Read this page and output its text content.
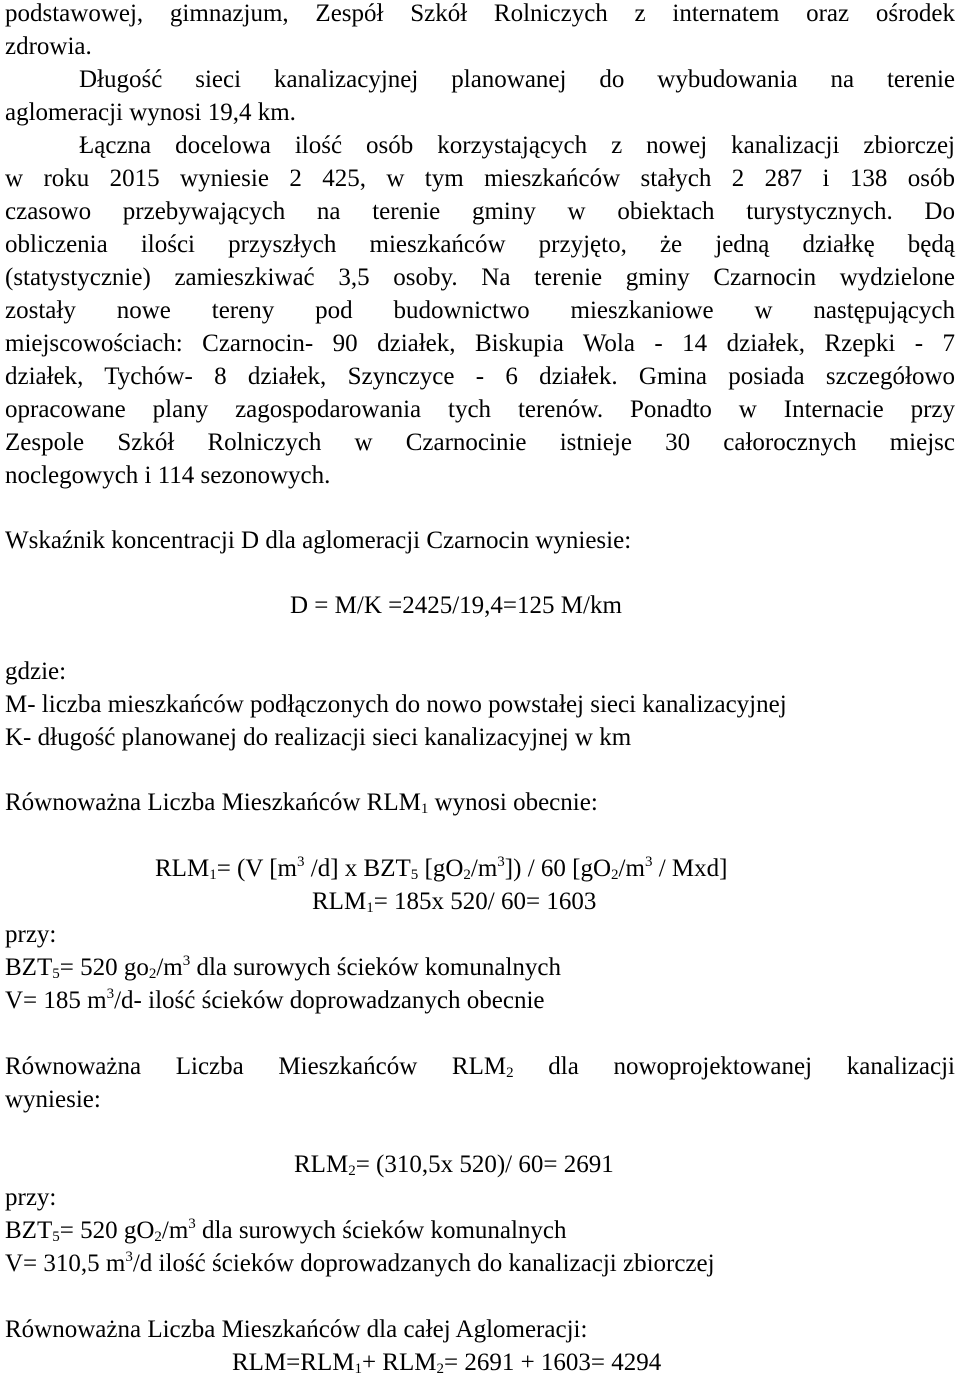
podstawowej, gimnazjum, Zespół Szkół Rolniczych z internatem oraz ośrodek
zdrowia.
Długość sieci kanalizacyjnej planowanej do wybudowania na terenie
aglomeracji wynosi 19,4 km.
Łączna docelowa ilość osób korzystających z nowej kanalizacji zbiorczej
w roku 2015 wyniesie 2 425, w tym mieszkańców stałych 2 287 i 138 osób
czasowo przebywających na terenie gminy w obiektach turystycznych. Do
obliczenia ilości przyszłych mieszkańców przyjęto, że jedną działkę będą
(statystycznie) zamieszkiwać 3,5 osoby. Na terenie gminy Czarnocin wydzielone
zostały nowe tereny pod budownictwo mieszkaniowe w następujących
miejscowościach: Czarnocin- 90 działek, Biskupia Wola - 14 działek, Rzepki - 7
działek, Tychów- 8 działek, Szynczyce - 6 działek. Gmina posiada szczegółowo
opracowane plany zagospodarowania tych terenów. Ponadto w Internacie przy
Zespole Szkół Rolniczych w Czarnocinie istnieje 30 całorocznych miejsc
noclegowych i 114 sezonowych.
Wskaźnik koncentracji D dla aglomeracji Czarnocin wyniesie:
D = M/K =2425/19,4=125 M/km
gdzie:
M- liczba mieszkańców podłączonych do nowo powstałej sieci kanalizacyjnej
K- długość planowanej do realizacji sieci kanalizacyjnej w km
Równoważna Liczba Mieszkańców $RLM_1$ wynosi obecnie:
$RLM_1= (V$ [$m^3$ /d] x $BZT_5$ $[gO_2/m^3]) / 60$ $[gO_2/m^3 / Mxd]$
$RLM_1= 185x$ 520/ 60= 1603
przy:
$BZT_5= 520$ $go_2/m^3$ dla surowych ścieków komunalnych
V= 185 $m^3/d-$ ilość ścieków doprowadzanych obecnie
Równoważna Liczba Mieszkańców $RLM_2$ dla nowoprojektowanej kanalizacji
wyniesie:
$RLM_2= (310,5x$ 520)/ 60= 2691
przy:
$BZT_5= 520$ $gO_2/m^3$ dla surowych ścieków komunalnych
V= 310,5 $m^3/d$ ilość ścieków doprowadzanych do kanalizacji zbiorczej
Równoważna Liczba Mieszkańców dla całej Aglomeracji:
$RLM=RLM_1+ RLM_2= 2691 + 1603= 4294$
